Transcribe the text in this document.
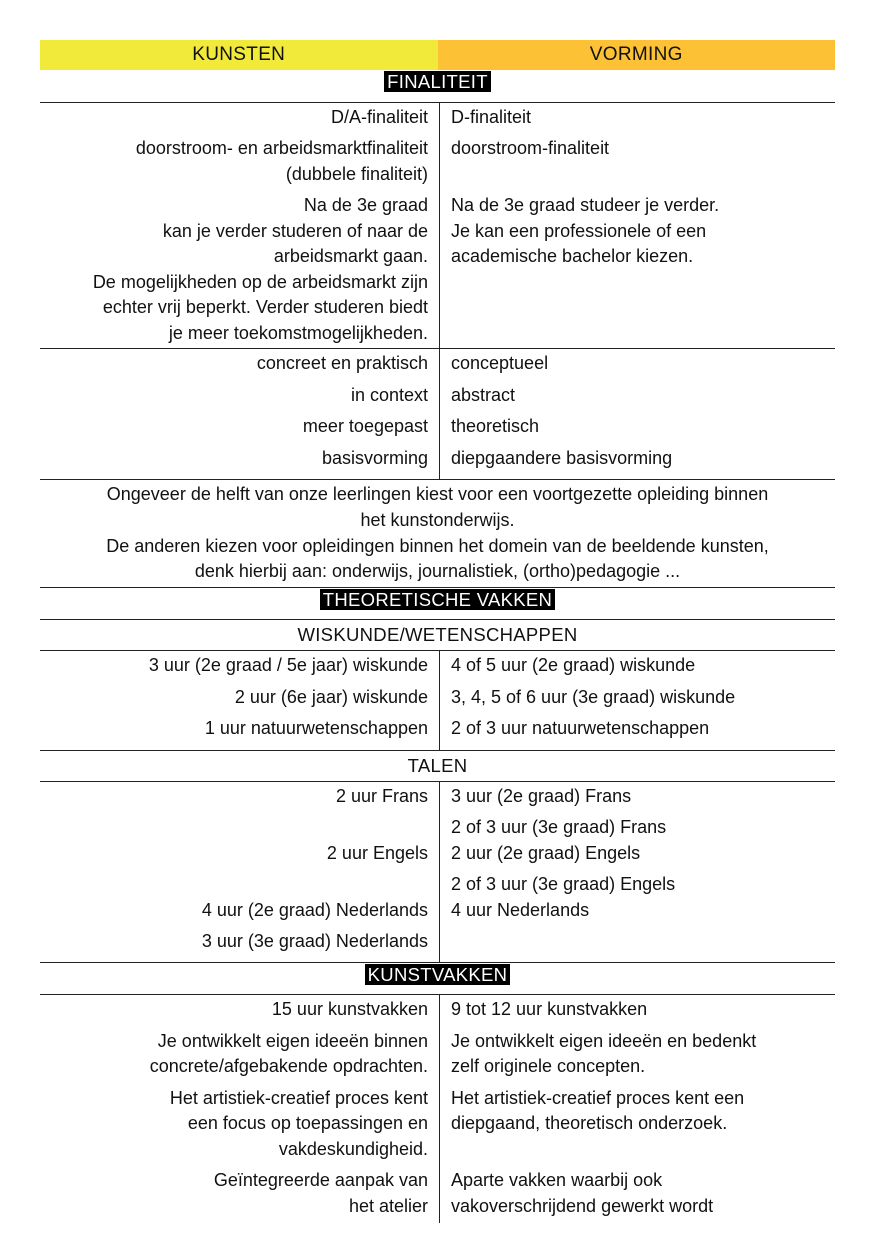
KUNSTEN	VORMING
FINALITEIT
D/A-finaliteit
doorstroom- en arbeidsmarktfinaliteit
(dubbele finaliteit)
Na de 3e graad
kan je verder studeren of naar de
arbeidsmarkt gaan.
De mogelijkheden op de arbeidsmarkt zijn
echter vrij beperkt. Verder studeren biedt
je meer toekomstmogelijkheden.
D-finaliteit
doorstroom-finaliteit
Na de 3e graad studeer je verder.
Je kan een professionele of een
academische bachelor kiezen.
concreet en praktisch
in context
meer toegepast
basisvorming
conceptueel
abstract
theoretisch
diepgaandere basisvorming
Ongeveer de helft van onze leerlingen kiest voor een voortgezette opleiding binnen
het kunstonderwijs.
De anderen kiezen voor opleidingen binnen het domein van de beeldende kunsten,
denk hierbij aan: onderwijs, journalistiek, (ortho)pedagogie ...
THEORETISCHE VAKKEN
WISKUNDE/WETENSCHAPPEN
3 uur (2e graad / 5e jaar) wiskunde
2 uur (6e jaar) wiskunde
1 uur natuurwetenschappen
4 of 5 uur (2e graad) wiskunde
3, 4, 5 of 6 uur (3e graad) wiskunde
2 of 3 uur natuurwetenschappen
TALEN
2 uur Frans
2 uur Engels
4 uur (2e graad) Nederlands
3 uur (3e graad) Nederlands
3 uur (2e graad) Frans
2 of 3 uur (3e graad) Frans
2 uur (2e graad) Engels
2 of 3 uur (3e graad) Engels
4 uur Nederlands
KUNSTVAKKEN
15 uur kunstvakken
Je ontwikkelt eigen ideeën binnen
concrete/afgebakende opdrachten.
Het artistiek-creatief proces kent
een focus op toepassingen en
vakdeskundigheid.
Geïntegreerde aanpak van
het atelier
9 tot 12 uur kunstvakken
Je ontwikkelt eigen ideeën en bedenkt
zelf originele concepten.
Het artistiek-creatief proces kent een
diepgaand, theoretisch onderzoek.
Aparte vakken waarbij ook
vakoverschrijdend gewerkt wordt
